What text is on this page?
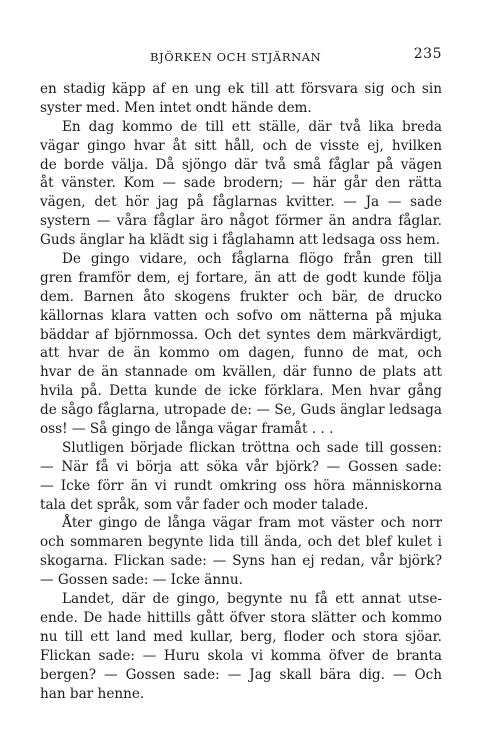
BJÖRKEN OCH STJÄRNAN	235
en stadig käpp af en ung ek till att försvara sig och sin
syster med. Men intet ondt hände dem.
En dag kommo de till ett ställe, där två lika breda
vägar gingo hvar åt sitt håll, och de visste ej, hvilken
de borde välja. Då sjöngo där två små fåglar på vägen
åt vänster. Kom — sade brodern; — här går den rätta
vägen, det hör jag på fåglarnas kvitter. — Ja — sade
systern — våra fåglar äro något förmer än andra fåglar.
Guds änglar ha klädt sig i fåglahamn att ledsaga oss hem.
De gingo vidare, och fåglarna flögo från gren till
gren framför dem, ej fortare, än att de godt kunde följa
dem. Barnen åto skogens frukter och bär, de drucko
källornas klara vatten och sofvo om nätterna på mjuka
bäddar af björnmossa. Och det syntes dem märkvärdigt,
att hvar de än kommo om dagen, funno de mat, och
hvar de än stannade om kvällen, där funno de plats att
hvila på. Detta kunde de icke förklara. Men hvar gång
de sågo fåglarna, utropade de: — Se, Guds änglar ledsaga
oss! — Så gingo de långa vägar framåt . . .
Slutligen började flickan tröttna och sade till gossen:
— När få vi börja att söka vår björk? — Gossen sade:
— Icke förr än vi rundt omkring oss höra människorna
tala det språk, som vår fader och moder talade.
Åter gingo de långa vägar fram mot väster och norr
och sommaren begynte lida till ända, och det blef kulet i
skogarna. Flickan sade: — Syns han ej redan, vår björk?
— Gossen sade: — Icke ännu.
Landet, där de gingo, begynte nu få ett annat utse-
ende. De hade hittills gått öfver stora slätter och kommo
nu till ett land med kullar, berg, floder och stora sjöar.
Flickan sade: — Huru skola vi komma öfver de branta
bergen? — Gossen sade: — Jag skall bära dig. — Och
han bar henne.
